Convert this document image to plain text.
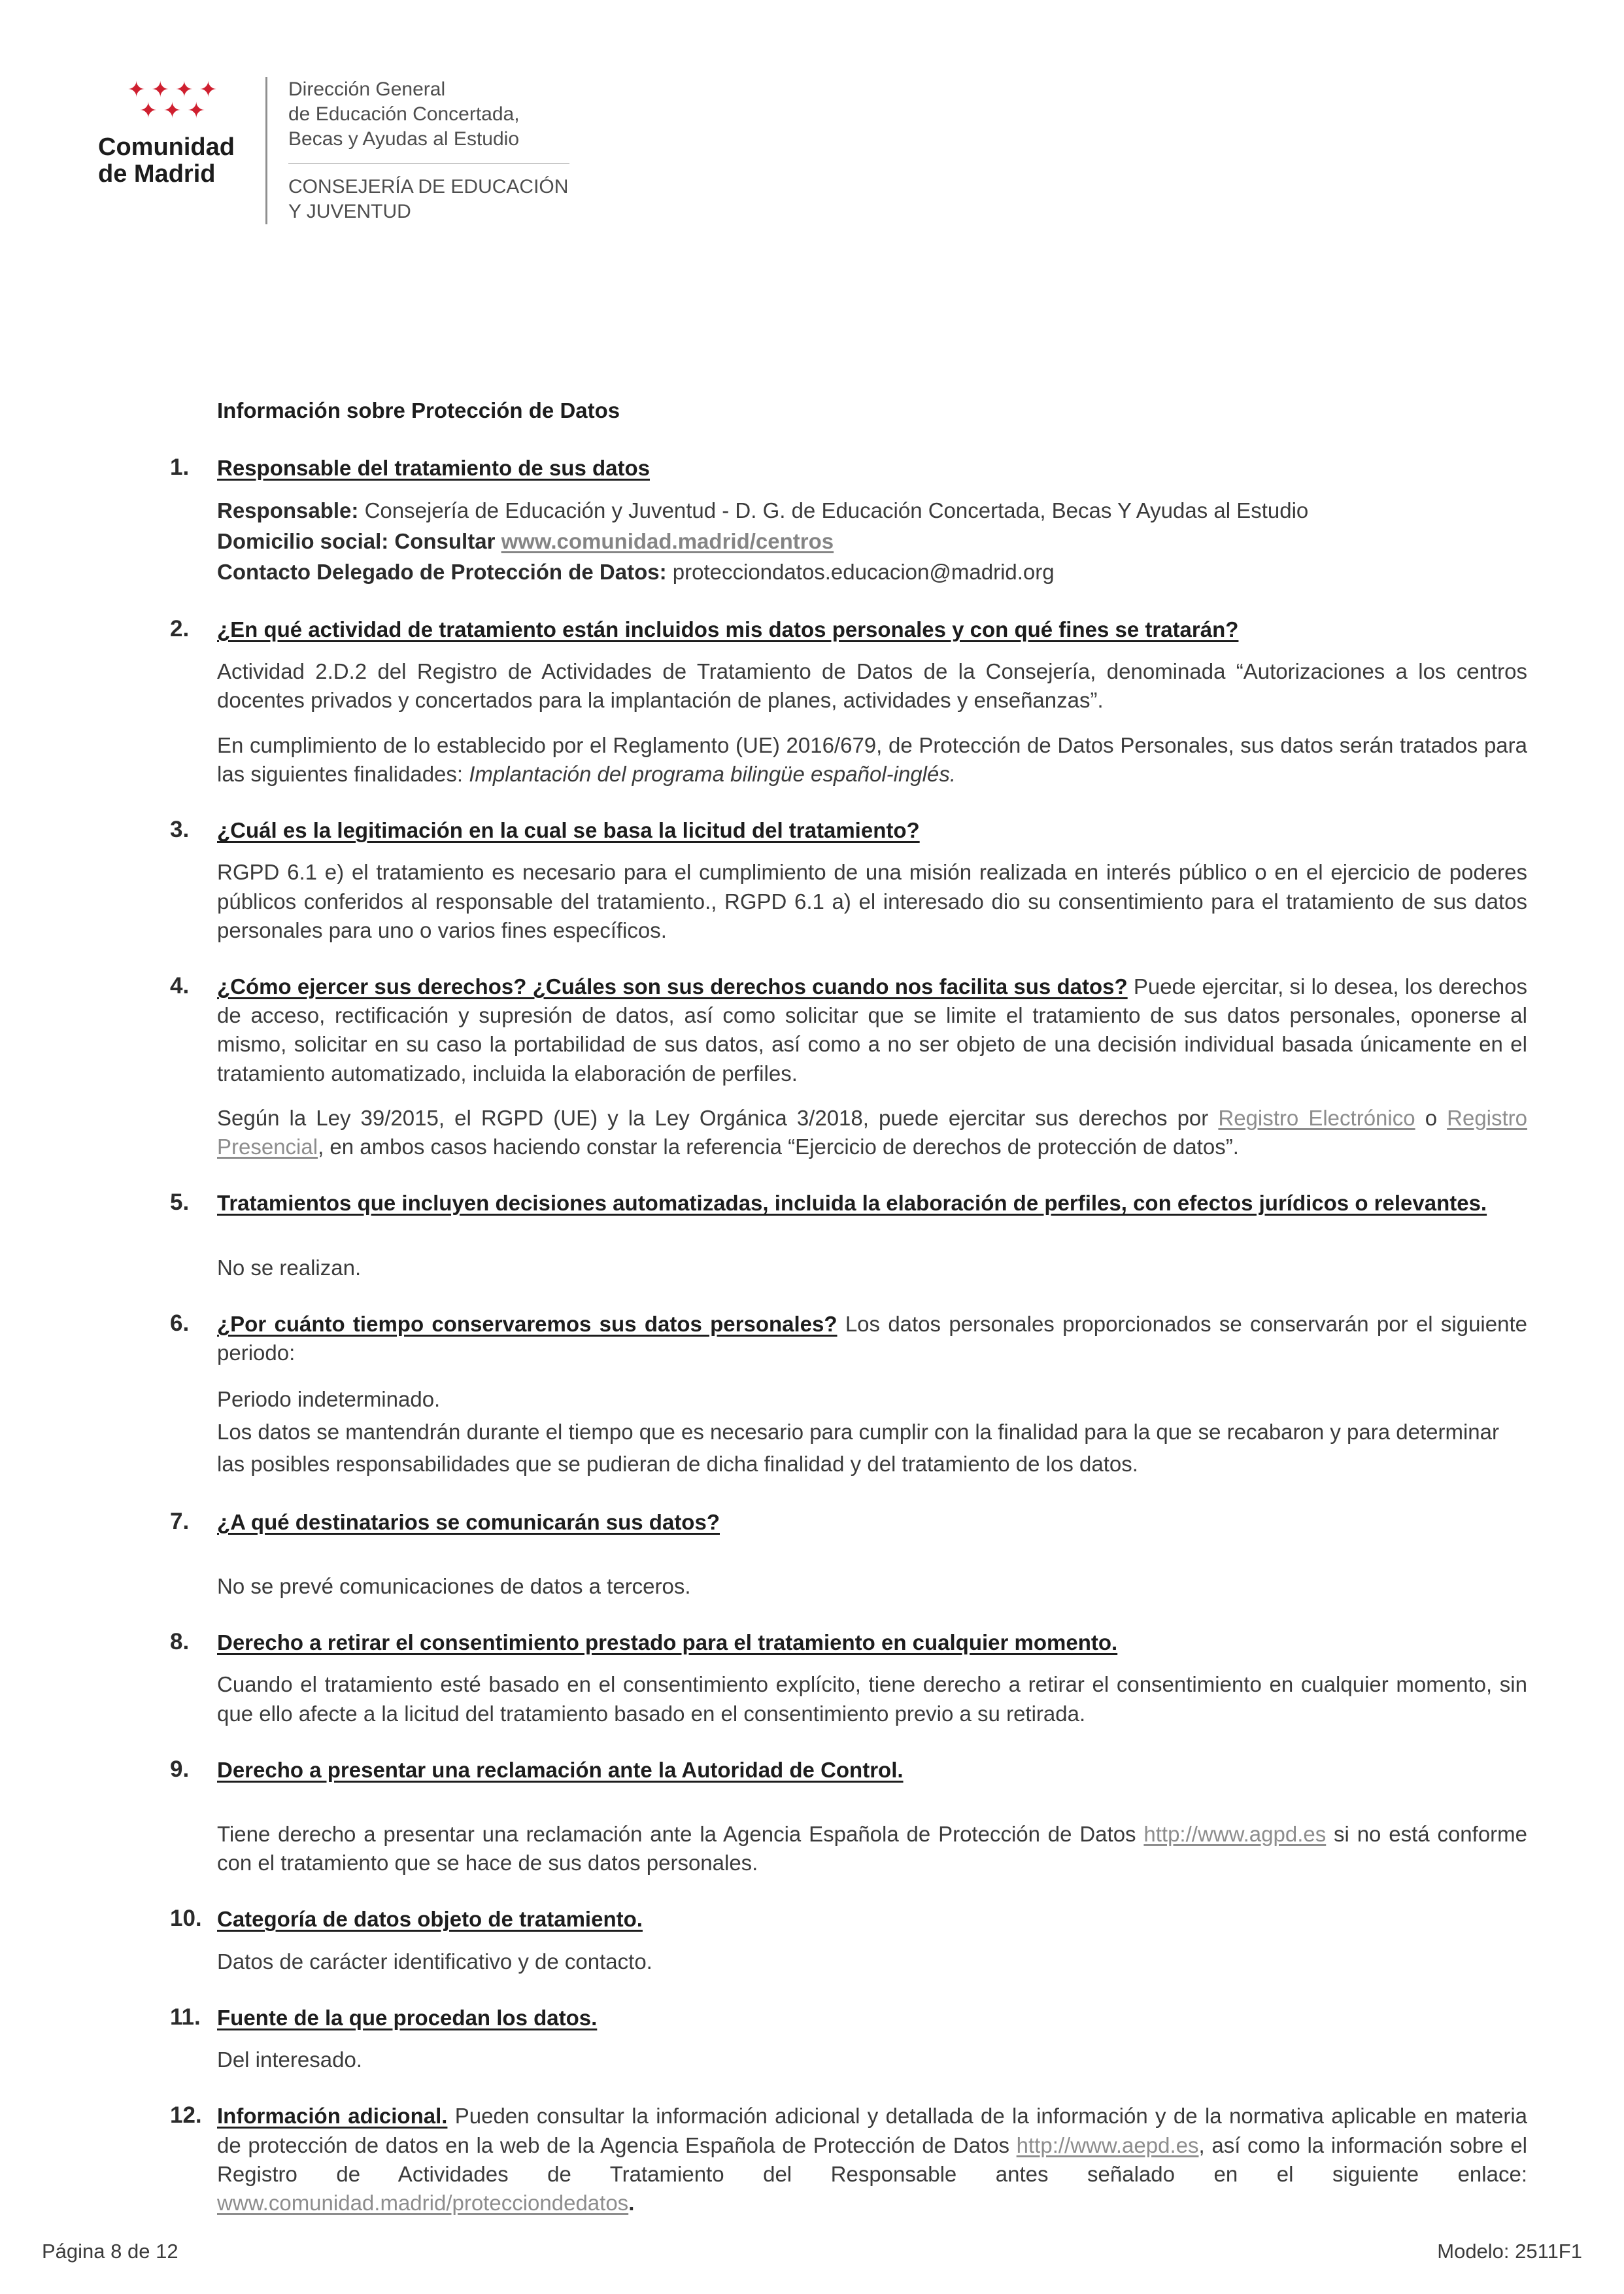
✦✦✦✦
✦✦✦
Comunidad
de Madrid
Dirección General
de Educación Concertada,
Becas y Ayudas al Estudio
CONSEJERÍA DE EDUCACIÓN
Y JUVENTUD
Información sobre Protección de Datos
1. Responsable del tratamiento de sus datos

Responsable: Consejería de Educación y Juventud - D. G. de Educación Concertada, Becas Y Ayudas al Estudio
Domicilio social: Consultar www.comunidad.madrid/centros
Contacto Delegado de Protección de Datos: protecciondatos.educacion@madrid.org

2. ¿En qué actividad de tratamiento están incluidos mis datos personales y con qué fines se tratarán?

Actividad 2.D.2 del Registro de Actividades de Tratamiento de Datos de la Consejería, denominada “Autorizaciones a los centros docentes privados y concertados para la implantación de planes, actividades y enseñanzas”.

En cumplimiento de lo establecido por el Reglamento (UE) 2016/679, de Protección de Datos Personales, sus datos serán tratados para las siguientes finalidades: Implantación del programa bilingüe español-inglés.

3. ¿Cuál es la legitimación en la cual se basa la licitud del tratamiento?

RGPD 6.1 e) el tratamiento es necesario para el cumplimiento de una misión realizada en interés público o en el ejercicio de poderes públicos conferidos al responsable del tratamiento., RGPD 6.1 a) el interesado dio su consentimiento para el tratamiento de sus datos personales para uno o varios fines específicos.

4. ¿Cómo ejercer sus derechos? ¿Cuáles son sus derechos cuando nos facilita sus datos? Puede ejercitar, si lo desea, los derechos de acceso, rectificación y supresión de datos, así como solicitar que se limite el tratamiento de sus datos personales, oponerse al mismo, solicitar en su caso la portabilidad de sus datos, así como a no ser objeto de una decisión individual basada únicamente en el tratamiento automatizado, incluida la elaboración de perfiles.

Según la Ley 39/2015, el RGPD (UE) y la Ley Orgánica 3/2018, puede ejercitar sus derechos por Registro Electrónico o Registro Presencial, en ambos casos haciendo constar la referencia “Ejercicio de derechos de protección de datos”.

5. Tratamientos que incluyen decisiones automatizadas, incluida la elaboración de perfiles, con efectos jurídicos o relevantes.

No se realizan.

6. ¿Por cuánto tiempo conservaremos sus datos personales? Los datos personales proporcionados se conservarán por el siguiente periodo:

Periodo indeterminado.
Los datos se mantendrán durante el tiempo que es necesario para cumplir con la finalidad para la que se recabaron y para determinar las posibles responsabilidades que se pudieran de dicha finalidad y del tratamiento de los datos.

7. ¿A qué destinatarios se comunicarán sus datos?

No se prevé comunicaciones de datos a terceros.

8. Derecho a retirar el consentimiento prestado para el tratamiento en cualquier momento.

Cuando el tratamiento esté basado en el consentimiento explícito, tiene derecho a retirar el consentimiento en cualquier momento, sin que ello afecte a la licitud del tratamiento basado en el consentimiento previo a su retirada.

9. Derecho a presentar una reclamación ante la Autoridad de Control.

Tiene derecho a presentar una reclamación ante la Agencia Española de Protección de Datos http://www.agpd.es si no está conforme con el tratamiento que se hace de sus datos personales.

10. Categoría de datos objeto de tratamiento.

Datos de carácter identificativo y de contacto.

11. Fuente de la que procedan los datos.

Del interesado.

12. Información adicional. Pueden consultar la información adicional y detallada de la información y de la normativa aplicable en materia de protección de datos en la web de la Agencia Española de Protección de Datos http://www.aepd.es, así como la información sobre el Registro de Actividades de Tratamiento del Responsable antes señalado en el siguiente enlace: www.comunidad.madrid/protecciondedatos.

Página 8 de 12	Modelo: 2511F1
